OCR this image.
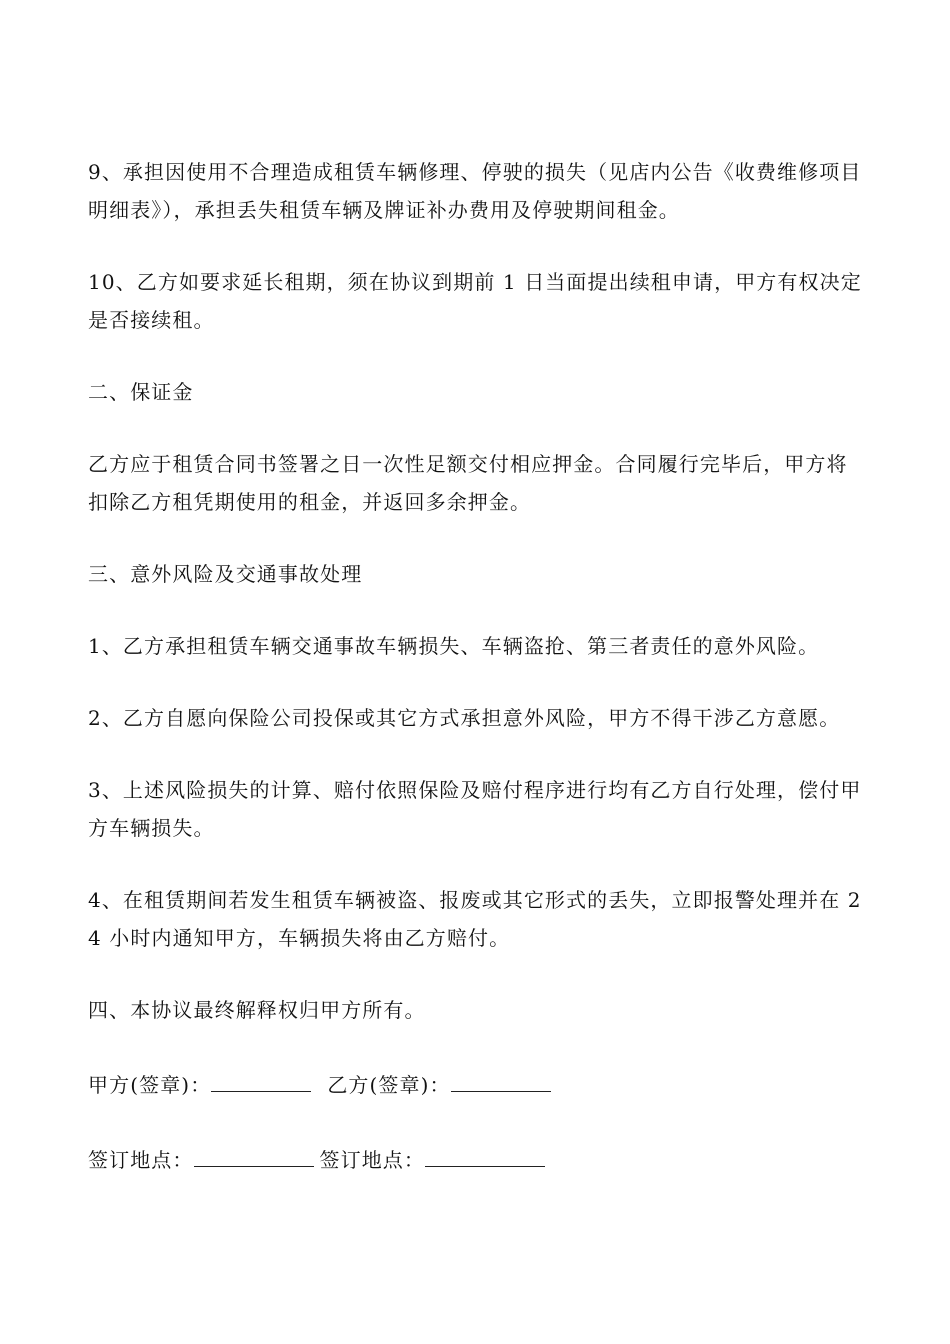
9、承担因使用不合理造成租赁车辆修理、停驶的损失（见店内公告《收费维修项目明细表》），承担丢失租赁车辆及牌证补办费用及停驶期间租金。

10、乙方如要求延长租期，须在协议到期前 1 日当面提出续租申请，甲方有权决定是否接续租。

二、保证金

乙方应于租赁合同书签署之日一次性足额交付相应押金。合同履行完毕后，甲方将扣除乙方租凭期使用的租金，并返回多余押金。

三、意外风险及交通事故处理

1、乙方承担租赁车辆交通事故车辆损失、车辆盗抢、第三者责任的意外风险。

2、乙方自愿向保险公司投保或其它方式承担意外风险，甲方不得干涉乙方意愿。

3、上述风险损失的计算、赔付依照保险及赔付程序进行均有乙方自行处理，偿付甲方车辆损失。

4、在租赁期间若发生租赁车辆被盗、报废或其它形式的丢失，立即报警处理并在 24 小时内通知甲方，车辆损失将由乙方赔付。

四、本协议最终解释权归甲方所有。

甲方(签章)：	乙方(签章)：
签订地点：	签订地点：
